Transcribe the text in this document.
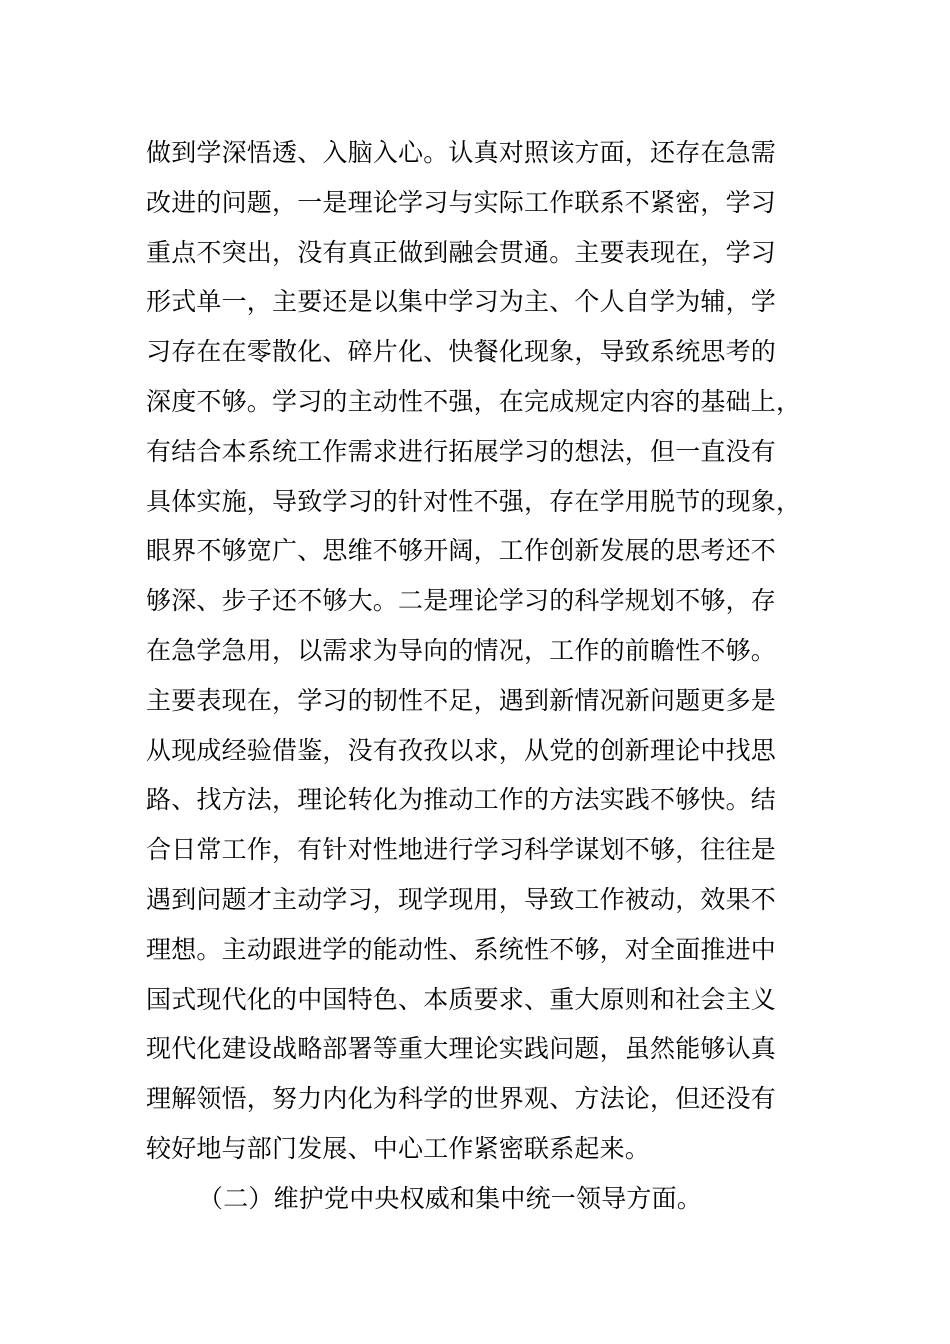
做到学深悟透、入脑入心。认真对照该方面，还存在急需
改进的问题，一是理论学习与实际工作联系不紧密，学习
重点不突出，没有真正做到融会贯通。主要表现在，学习
形式单一，主要还是以集中学习为主、个人自学为辅，学
习存在在零散化、碎片化、快餐化现象，导致系统思考的
深度不够。学习的主动性不强，在完成规定内容的基础上，
有结合本系统工作需求进行拓展学习的想法，但一直没有
具体实施，导致学习的针对性不强，存在学用脱节的现象，
眼界不够宽广、思维不够开阔，工作创新发展的思考还不
够深、步子还不够大。二是理论学习的科学规划不够，存
在急学急用，以需求为导向的情况，工作的前瞻性不够。
主要表现在，学习的韧性不足，遇到新情况新问题更多是
从现成经验借鉴，没有孜孜以求，从党的创新理论中找思
路、找方法，理论转化为推动工作的方法实践不够快。结
合日常工作，有针对性地进行学习科学谋划不够，往往是
遇到问题才主动学习，现学现用，导致工作被动，效果不
理想。主动跟进学的能动性、系统性不够，对全面推进中
国式现代化的中国特色、本质要求、重大原则和社会主义
现代化建设战略部署等重大理论实践问题，虽然能够认真
理解领悟，努力内化为科学的世界观、方法论，但还没有
较好地与部门发展、中心工作紧密联系起来。
（二）维护党中央权威和集中统一领导方面。
